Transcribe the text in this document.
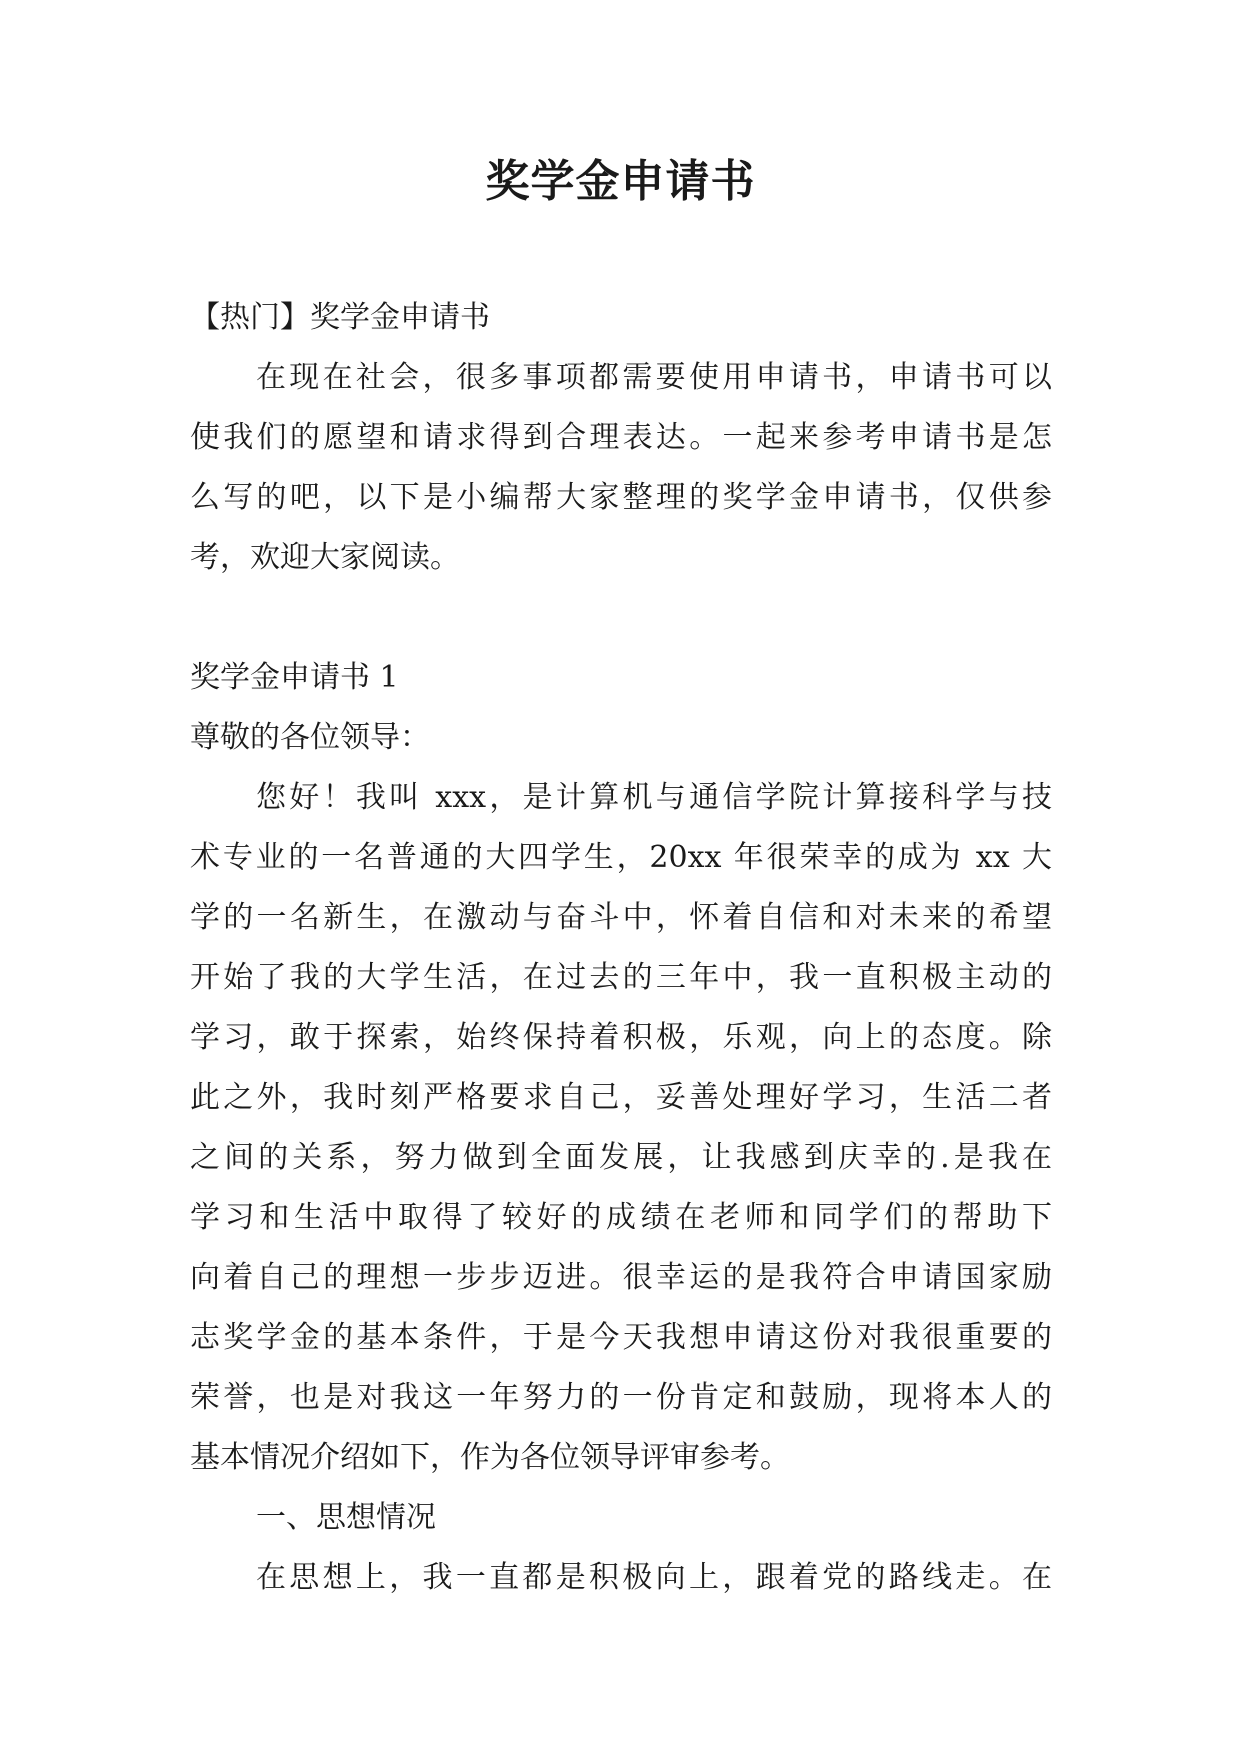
奖学金申请书

【热门】奖学金申请书

在现在社会，很多事项都需要使用申请书，申请书可以

使我们的愿望和请求得到合理表达。一起来参考申请书是怎

么写的吧，以下是小编帮大家整理的奖学金申请书，仅供参

考，欢迎大家阅读。

奖学金申请书 1

尊敬的各位领导：

您好！我叫 xxx，是计算机与通信学院计算接科学与技

术专业的一名普通的大四学生，20xx 年很荣幸的成为 xx 大

学的一名新生，在激动与奋斗中，怀着自信和对未来的希望

开始了我的大学生活，在过去的三年中，我一直积极主动的

学习，敢于探索，始终保持着积极，乐观，向上的态度。除

此之外，我时刻严格要求自己，妥善处理好学习，生活二者

之间的关系，努力做到全面发展，让我感到庆幸的.是我在

学习和生活中取得了较好的成绩在老师和同学们的帮助下

向着自己的理想一步步迈进。很幸运的是我符合申请国家励

志奖学金的基本条件，于是今天我想申请这份对我很重要的

荣誉，也是对我这一年努力的一份肯定和鼓励，现将本人的

基本情况介绍如下，作为各位领导评审参考。

一、思想情况

在思想上，我一直都是积极向上，跟着党的路线走。在
